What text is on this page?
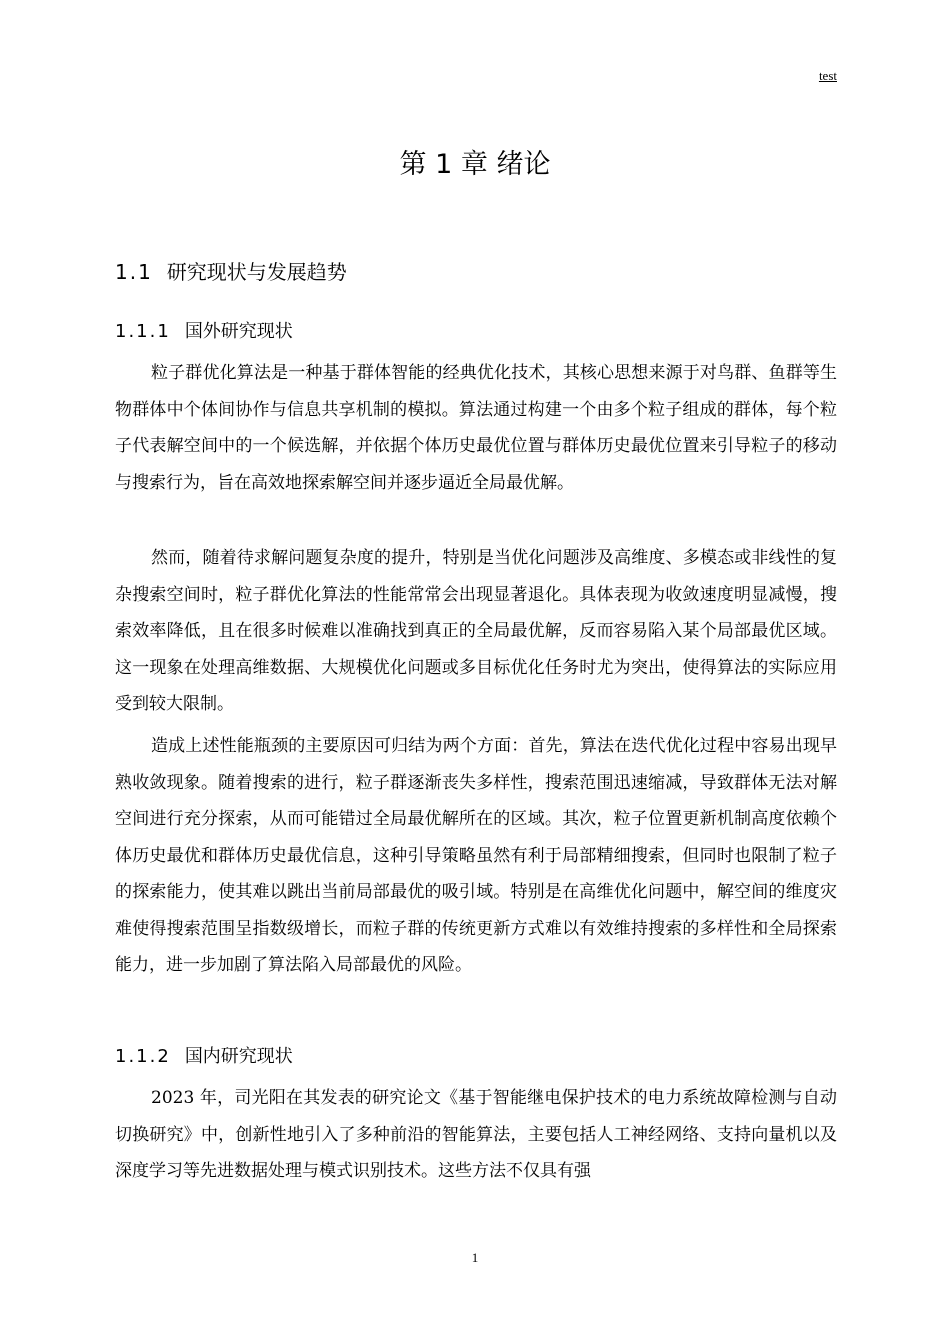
test
第 1 章 绪论
1.1 研究现状与发展趋势
1.1.1 国外研究现状

粒子群优化算法是一种基于群体智能的经典优化技术，其核心思想来源于对鸟群、鱼群等生物群体中个体间协作与信息共享机制的模拟。算法通过构建一个由多个粒子组成的群体，每个粒子代表解空间中的一个候选解，并依据个体历史最优位置与群体历史最优位置来引导粒子的移动与搜索行为，旨在高效地探索解空间并逐步逼近全局最优解。

然而，随着待求解问题复杂度的提升，特别是当优化问题涉及高维度、多模态或非线性的复杂搜索空间时，粒子群优化算法的性能常常会出现显著退化。具体表现为收敛速度明显减慢，搜索效率降低，且在很多时候难以准确找到真正的全局最优解，反而容易陷入某个局部最优区域。这一现象在处理高维数据、大规模优化问题或多目标优化任务时尤为突出，使得算法的实际应用受到较大限制。

造成上述性能瓶颈的主要原因可归结为两个方面：首先，算法在迭代优化过程中容易出现早熟收敛现象。随着搜索的进行，粒子群逐渐丧失多样性，搜索范围迅速缩减，导致群体无法对解空间进行充分探索，从而可能错过全局最优解所在的区域。其次，粒子位置更新机制高度依赖个体历史最优和群体历史最优信息，这种引导策略虽然有利于局部精细搜索，但同时也限制了粒子的探索能力，使其难以跳出当前局部最优的吸引域。特别是在高维优化问题中，解空间的维度灾难使得搜索范围呈指数级增长，而粒子群的传统更新方式难以有效维持搜索的多样性和全局探索能力，进一步加剧了算法陷入局部最优的风险。

1.1.2 国内研究现状

2023 年，司光阳在其发表的研究论文《基于智能继电保护技术的电力系统故障检测与自动切换研究》中，创新性地引入了多种前沿的智能算法，主要包括人工神经网络、支持向量机以及深度学习等先进数据处理与模式识别技术。这些方法不仅具有强

1
